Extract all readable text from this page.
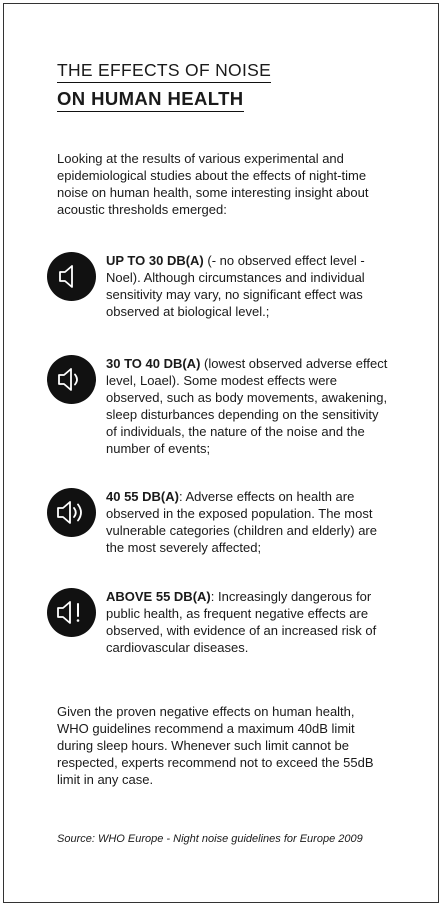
THE EFFECTS OF NOISE
ON HUMAN HEALTH
Looking at the results of various experimental and epidemiological studies about the effects of night-time noise on human health, some interesting insight about acoustic thresholds emerged:
UP TO 30 DB(A) (- no observed effect level - Noel). Although circumstances and individual sensitivity may vary, no significant effect was observed at biological level.;
30 TO 40 DB(A) (lowest observed adverse effect level, Loael). Some modest effects were observed, such as body movements, awakening, sleep disturbances depending on the sensitivity of individuals, the nature of the noise and the number of events;
40 55 DB(A): Adverse effects on health are observed in the exposed population. The most vulnerable categories (children and elderly) are the most severely affected;
ABOVE 55 DB(A): Increasingly dangerous for public health, as frequent negative effects are observed, with evidence of an increased risk of cardiovascular diseases.
Given the proven negative effects on human health, WHO guidelines recommend a maximum 40dB limit during sleep hours. Whenever such limit cannot be respected, experts recommend not to exceed the 55dB limit in any case.
Source: WHO Europe - Night noise guidelines for Europe 2009
